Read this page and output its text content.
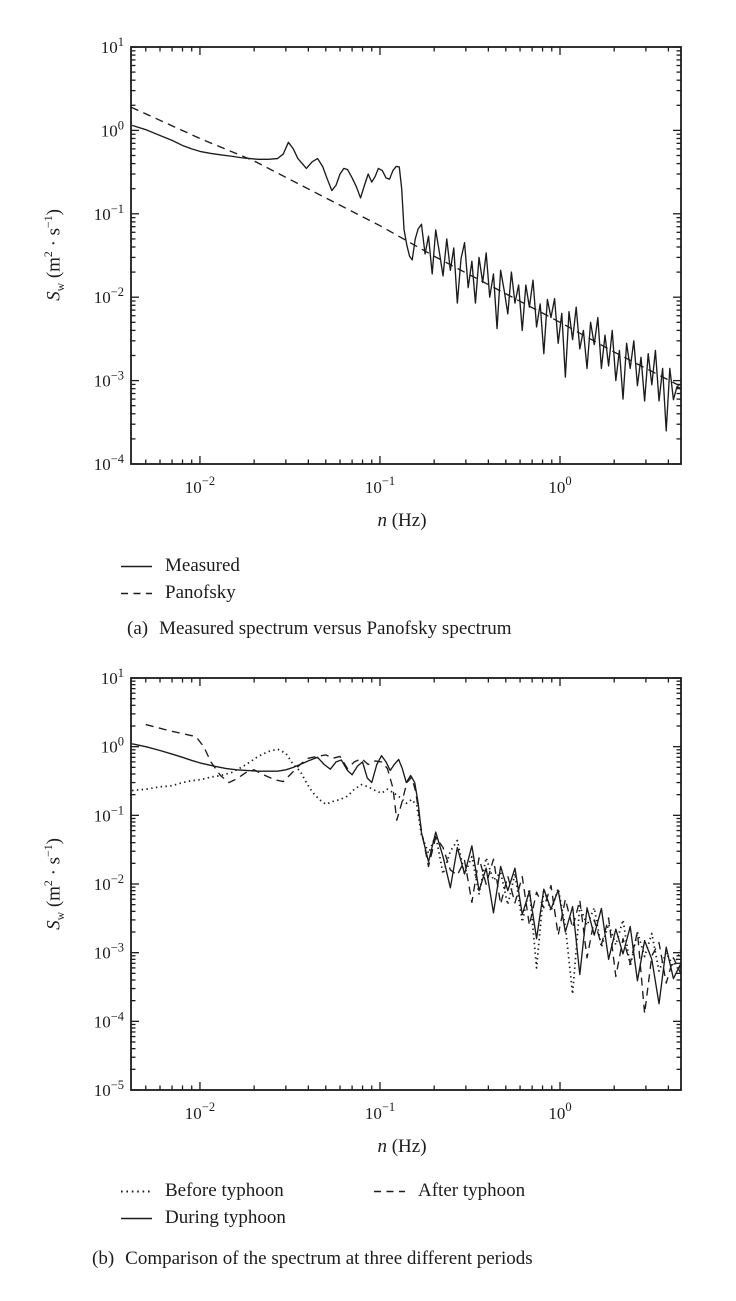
$10^{-2}$	$10^{-1}$	$10^0$
$10^1$
$10^0$
$10^{-1}$
$10^{-2}$
$10^{-3}$
$10^{-4}$
$10^{-2}$	$10^{-1}$	$10^0$
$10^1$
$10^0$
$10^{-1}$
$10^{-2}$
$10^{-3}$
$10^{-4}$
$10^{-5}$
$S_w$ $(m^2 \cdot s^{-1})$
n (Hz)
Measured
Panofsky
(a) Measured spectrum versus Panofsky spectrum
$S_w$ $(m^2 \cdot s^{-1})$
n (Hz)
Before typhoon
During typhoon
After typhoon
(b) Comparison of the spectrum at three different periods
